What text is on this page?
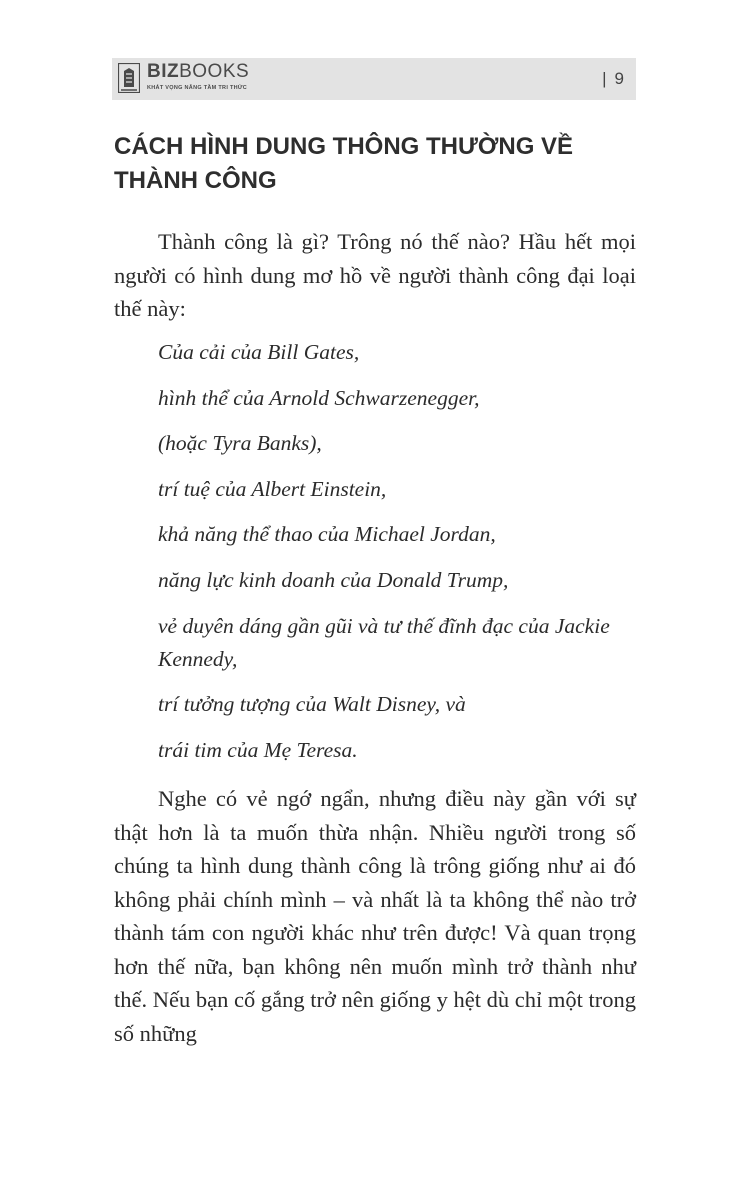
BIZBOOKS
KHÁT VỌNG NÂNG TẦM TRI THỨC	| 9
CÁCH HÌNH DUNG THÔNG THƯỜNG VỀ
THÀNH CÔNG

Thành công là gì? Trông nó thế nào? Hầu hết mọi người có hình dung mơ hồ về người thành công đại loại thế này:

Của cải của Bill Gates,
hình thể của Arnold Schwarzenegger,
(hoặc Tyra Banks),
trí tuệ của Albert Einstein,
khả năng thể thao của Michael Jordan,
năng lực kinh doanh của Donald Trump,
vẻ duyên dáng gần gũi và tư thế đĩnh đạc của Jackie Kennedy,
trí tưởng tượng của Walt Disney, và
trái tim của Mẹ Teresa.

Nghe có vẻ ngớ ngẩn, nhưng điều này gần với sự thật hơn là ta muốn thừa nhận. Nhiều người trong số chúng ta hình dung thành công là trông giống như ai đó không phải chính mình – và nhất là ta không thể nào trở thành tám con người khác như trên được! Và quan trọng hơn thế nữa, bạn không nên muốn mình trở thành như thế. Nếu bạn cố gắng trở nên giống y hệt dù chỉ một trong số những
